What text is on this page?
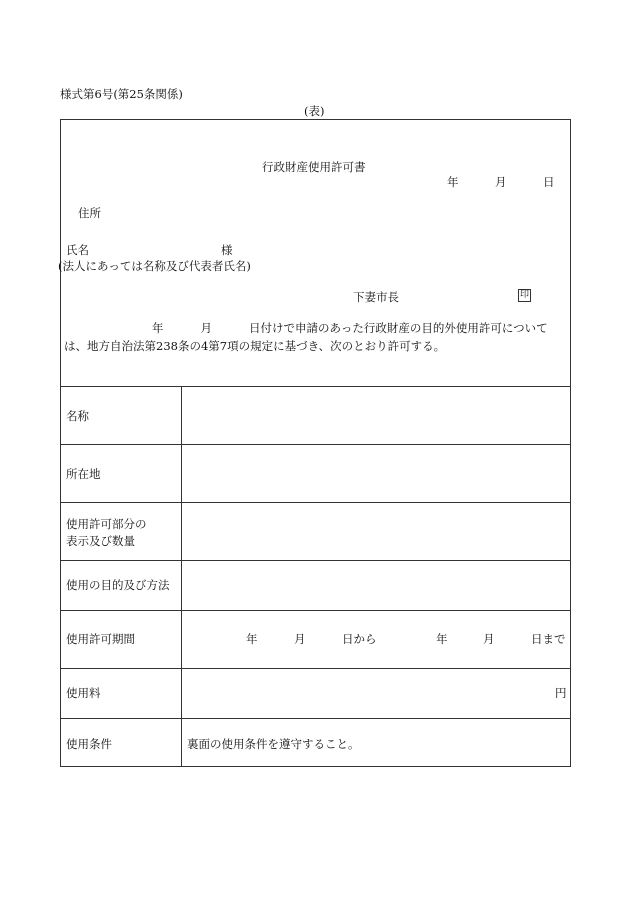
様式第6号(第25条関係)
(表)
行政財産使用許可書
年	月	日
住所
氏名	様
(法人にあっては名称及び代表者氏名)
下妻市長	印
年	月	日付けで申請のあった行政財産の目的外使用許可については、地方自治法第238条の4第7項の規定に基づき、次のとおり許可する。
名称
所在地
使用許可部分の
表示及び数量
使用の目的及び方法
使用許可期間	年	月	日から	年	月	日まで
使用料	円
使用条件	裏面の使用条件を遵守すること。
